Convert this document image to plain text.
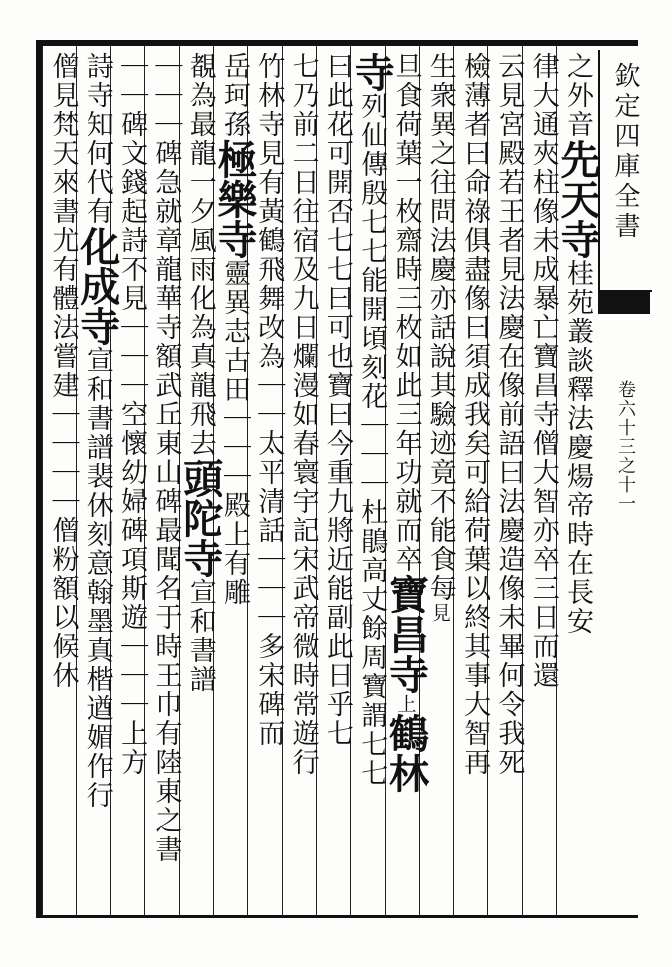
欽定四庫全書
卷六十三之十一
之外音先天寺桂苑叢談釋法慶煬帝時在長安
律大通夾柱像未成暴亡寶昌寺僧大智亦卒三日而還
云見宮殿若王者見法慶在像前語曰法慶造像未畢何令我死
檢薄者曰命祿俱盡像曰須成我矣可給荷葉以終其事大智再
生衆異之往問法慶亦話說其驗迹竟不能食每見
旦食荷葉一枚齋時三枚如此三年功就而卒寶昌寺上鶴林
寺列仙傳殷七七能開頃刻花｜｜｜杜鵑高丈餘周寶謂七七
曰此花可開否七七曰可也寶曰今重九將近能副此日乎七
七乃前二日往宿及九日爛漫如春寰宇記宋武帝微時常遊行
竹林寺見有黃鶴飛舞改為｜｜太平清話｜｜｜多宋碑而
岳珂孫極樂寺靈異志古田｜｜｜殿上有雕
覩為最龍一夕風雨化為真龍飛去頭陀寺宣和書譜
｜｜｜碑急就章龍華寺額武丘東山碑最聞名于時王巾有陸東之書
｜｜碑文錢起詩不見｜｜｜空懷幼婦碑項斯遊｜｜｜上方
詩寺知何代有化成寺宣和書譜裴休刻意翰墨真楷遒媚作行
僧見梵天來書尤有體法嘗建｜｜｜｜僧粉額以候休
